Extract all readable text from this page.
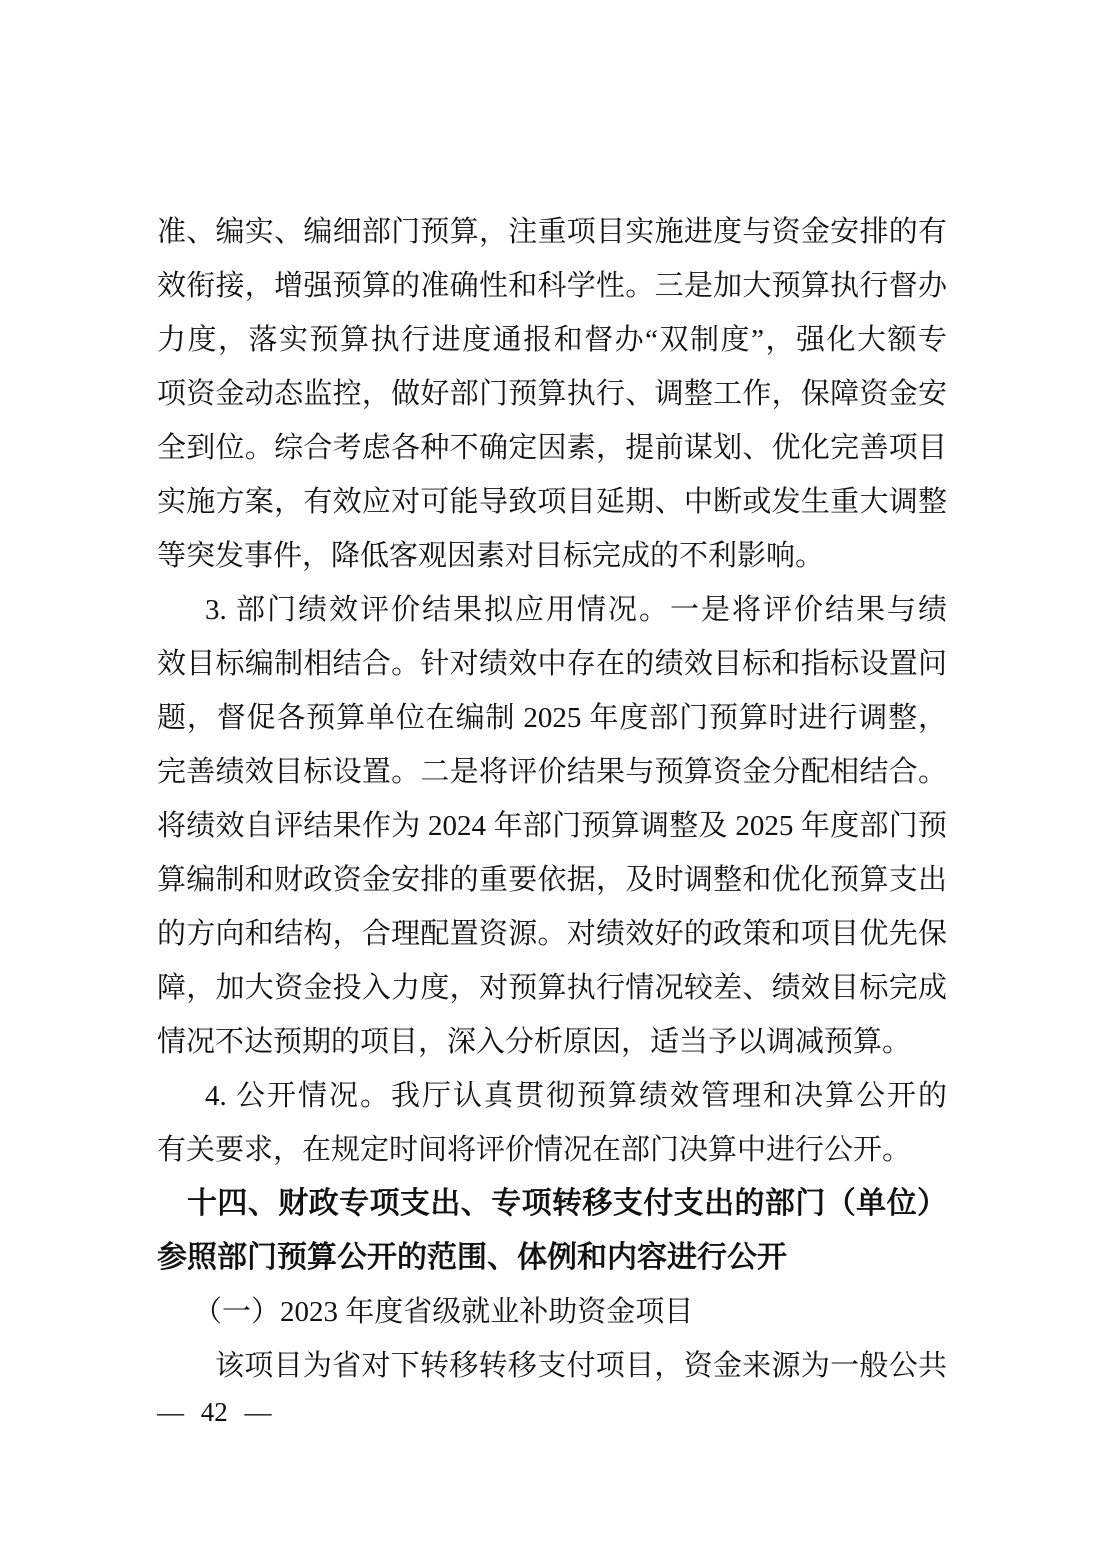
准、编实、编细部门预算，注重项目实施进度与资金安排的有
效衔接，增强预算的准确性和科学性。三是加大预算执行督办
力度，落实预算执行进度通报和督办“双制度”，强化大额专
项资金动态监控，做好部门预算执行、调整工作，保障资金安
全到位。综合考虑各种不确定因素，提前谋划、优化完善项目
实施方案，有效应对可能导致项目延期、中断或发生重大调整
等突发事件，降低客观因素对目标完成的不利影响。
3. 部门绩效评价结果拟应用情况。一是将评价结果与绩
效目标编制相结合。针对绩效中存在的绩效目标和指标设置问
题，督促各预算单位在编制 2025 年度部门预算时进行调整，
完善绩效目标设置。二是将评价结果与预算资金分配相结合。
将绩效自评结果作为 2024 年部门预算调整及 2025 年度部门预
算编制和财政资金安排的重要依据，及时调整和优化预算支出
的方向和结构，合理配置资源。对绩效好的政策和项目优先保
障，加大资金投入力度，对预算执行情况较差、绩效目标完成
情况不达预期的项目，深入分析原因，适当予以调减预算。
4. 公开情况。我厅认真贯彻预算绩效管理和决算公开的
有关要求，在规定时间将评价情况在部门决算中进行公开。
十四、财政专项支出、专项转移支付支出的部门（单位）
参照部门预算公开的范围、体例和内容进行公开
（一）2023 年度省级就业补助资金项目
该项目为省对下转移转移支付项目，资金来源为一般公共
— 42 —
